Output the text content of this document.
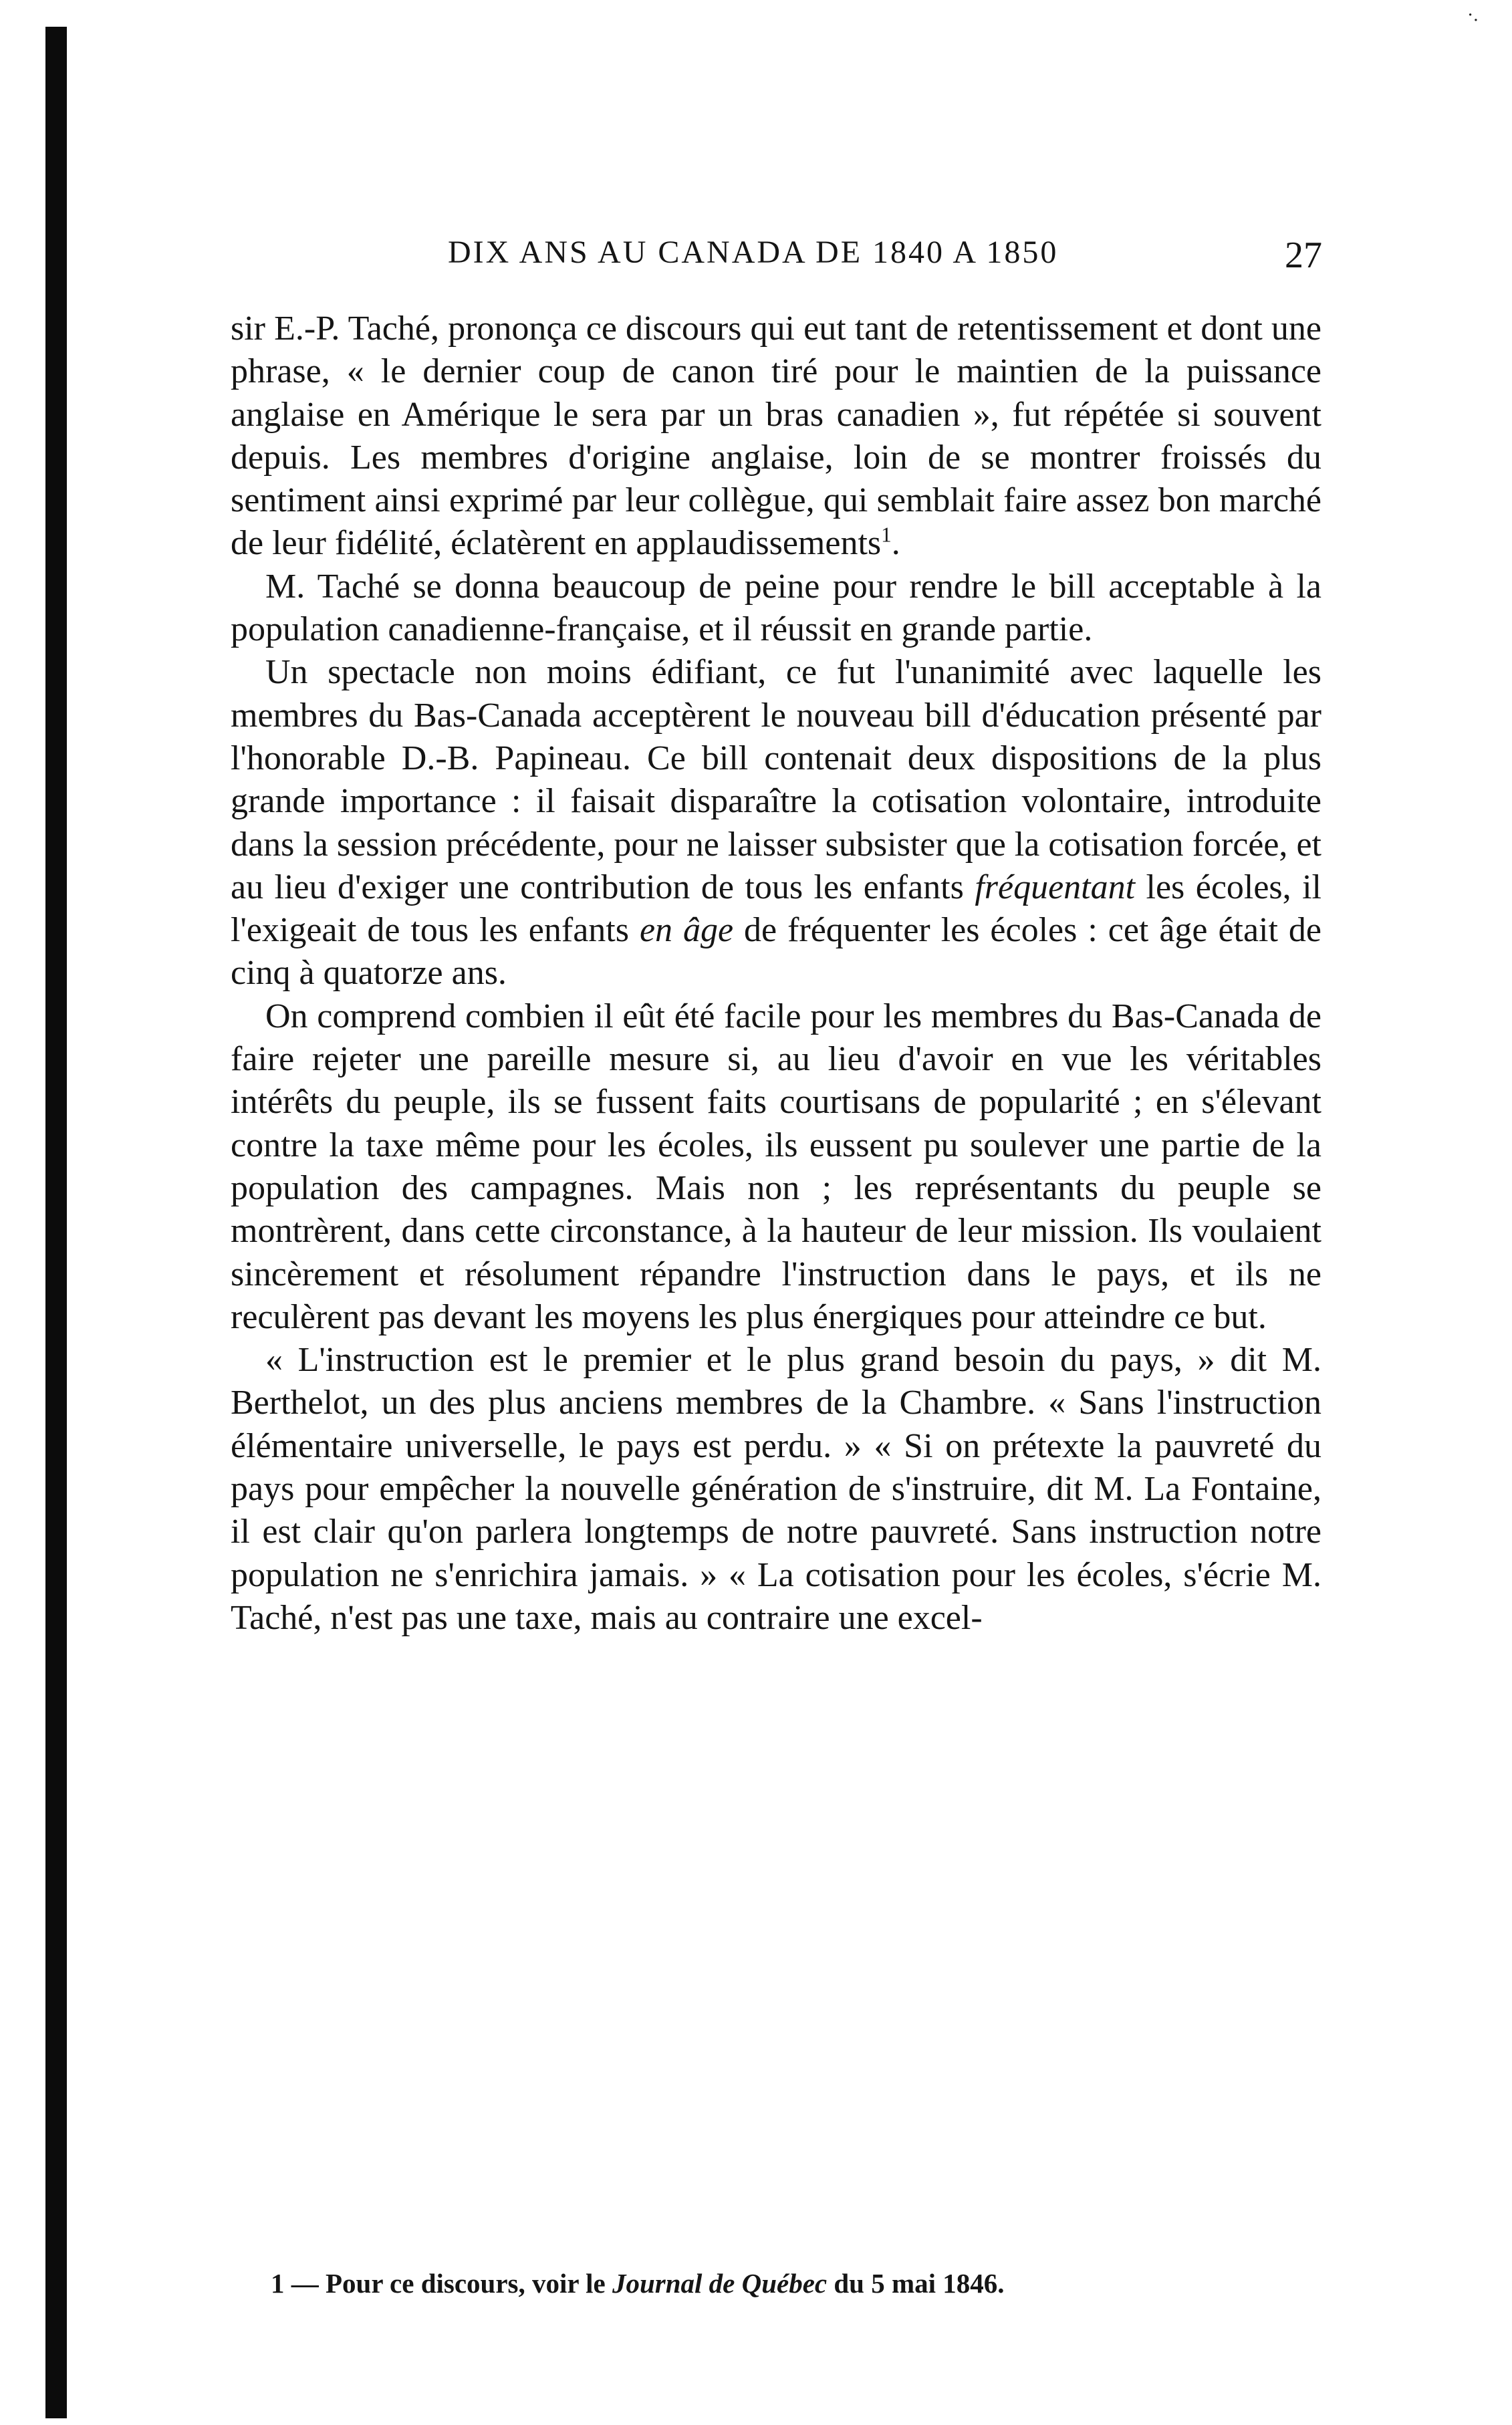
·.
DIX ANS AU CANADA DE 1840 A 1850	27

sir E.-P. Taché, prononça ce discours qui eut tant de retentissement et dont une phrase, « le dernier coup de canon tiré pour le maintien de la puissance anglaise en Amérique le sera par un bras canadien », fut répétée si souvent depuis. Les membres d'origine anglaise, loin de se montrer froissés du sentiment ainsi exprimé par leur collègue, qui semblait faire assez bon marché de leur fidélité, éclatèrent en applaudissements$^1$.

M. Taché se donna beaucoup de peine pour rendre le bill acceptable à la population canadienne-française, et il réussit en grande partie.

Un spectacle non moins édifiant, ce fut l'unanimité avec laquelle les membres du Bas-Canada acceptèrent le nouveau bill d'éducation présenté par l'honorable D.-B. Papineau. Ce bill contenait deux dispositions de la plus grande importance : il faisait disparaître la cotisation volontaire, introduite dans la session précédente, pour ne laisser subsister que la cotisation forcée, et au lieu d'exiger une contribution de tous les enfants fréquentant les écoles, il l'exigeait de tous les enfants en âge de fréquenter les écoles : cet âge était de cinq à quatorze ans.

On comprend combien il eût été facile pour les membres du Bas-Canada de faire rejeter une pareille mesure si, au lieu d'avoir en vue les véritables intérêts du peuple, ils se fussent faits courtisans de popularité ; en s'élevant contre la taxe même pour les écoles, ils eussent pu soulever une partie de la population des campagnes. Mais non ; les représentants du peuple se montrèrent, dans cette circonstance, à la hauteur de leur mission. Ils voulaient sincèrement et résolument répandre l'instruction dans le pays, et ils ne reculèrent pas devant les moyens les plus énergiques pour atteindre ce but.

« L'instruction est le premier et le plus grand besoin du pays, » dit M. Berthelot, un des plus anciens membres de la Chambre. « Sans l'instruction élémentaire universelle, le pays est perdu. » « Si on prétexte la pauvreté du pays pour empêcher la nouvelle génération de s'instruire, dit M. La Fontaine, il est clair qu'on parlera longtemps de notre pauvreté. Sans instruction notre population ne s'enrichira jamais. » « La cotisation pour les écoles, s'écrie M. Taché, n'est pas une taxe, mais au contraire une excel-

1 — Pour ce discours, voir le Journal de Québec du 5 mai 1846.
